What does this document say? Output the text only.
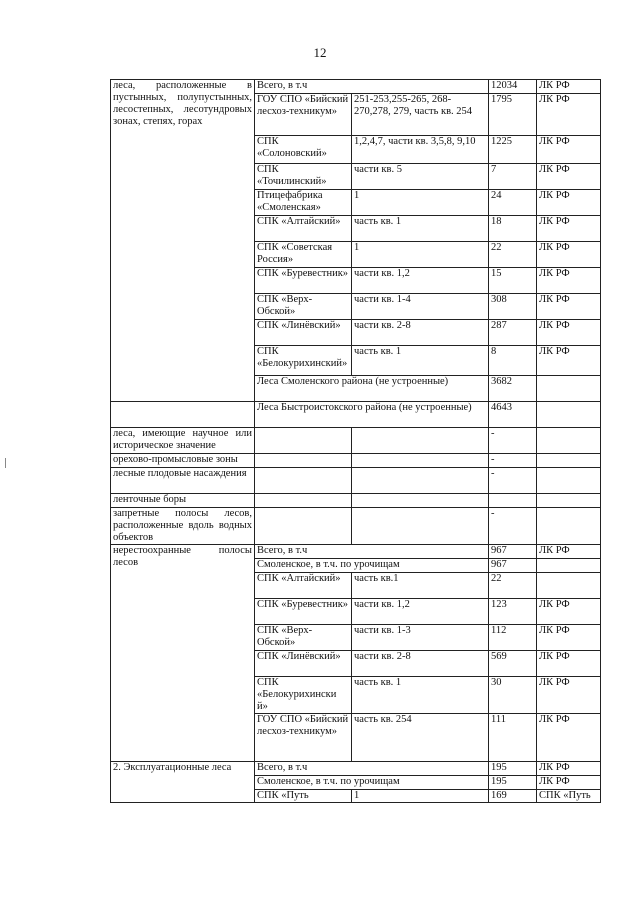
12
леса, расположенные в пустынных, полупустынных, лесостепных, лесотундровых зонах, степях, горах	Всего, в т.ч		12034	ЛК РФ
	ГОУ СПО «Бийский лесхоз-техникум»	251-253,255-265, 268-270,278, 279, часть кв. 254	1795	ЛК РФ
	СПК «Солоновский»	1,2,4,7, части кв. 3,5,8, 9,10	1225	ЛК РФ
	СПК «Точилинский»	части кв. 5	7	ЛК РФ
	Птицефабрика «Смоленская»	1	24	ЛК РФ
	СПК «Алтайский»	часть кв. 1	18	ЛК РФ
	СПК «Советская Россия»	1	22	ЛК РФ
	СПК «Буревестник»	части кв. 1,2	15	ЛК РФ
	СПК «Верх-Обской»	части кв. 1-4	308	ЛК РФ
	СПК «Линёвский»	части кв. 2-8	287	ЛК РФ
	СПК «Белокурихинский»	часть кв. 1	8	ЛК РФ
	Леса Смоленского района (не устроенные)		3682	
	Леса Быстроистокского района (не устроенные)		4643	
леса, имеющие научное или историческое значение			-	
орехово-промысловые зоны			-	
лесные плодовые насаждения			-	
ленточные боры				
запретные полосы лесов, расположенные вдоль водных объектов			-	
нерестоохранные полосы лесов	Всего, в т.ч		967	ЛК РФ
	Смоленское, в т.ч. по урочищам		967	
	СПК «Алтайский»	часть кв.1	22	
	СПК «Буревестник»	части кв. 1,2	123	ЛК РФ
	СПК «Верх-Обской»	части кв. 1-3	112	ЛК РФ
	СПК «Линёвский»	части кв. 2-8	569	ЛК РФ
	СПК «Белокурихински й»	часть кв. 1	30	ЛК РФ
	ГОУ СПО «Бийский лесхоз-техникум»	часть кв. 254	111	ЛК РФ
2. Эксплуатационные леса	Всего, в т.ч		195	ЛК РФ
	Смоленское, в т.ч. по урочищам		195	ЛК РФ
	СПК «Путь	1	169	СПК «Путь
